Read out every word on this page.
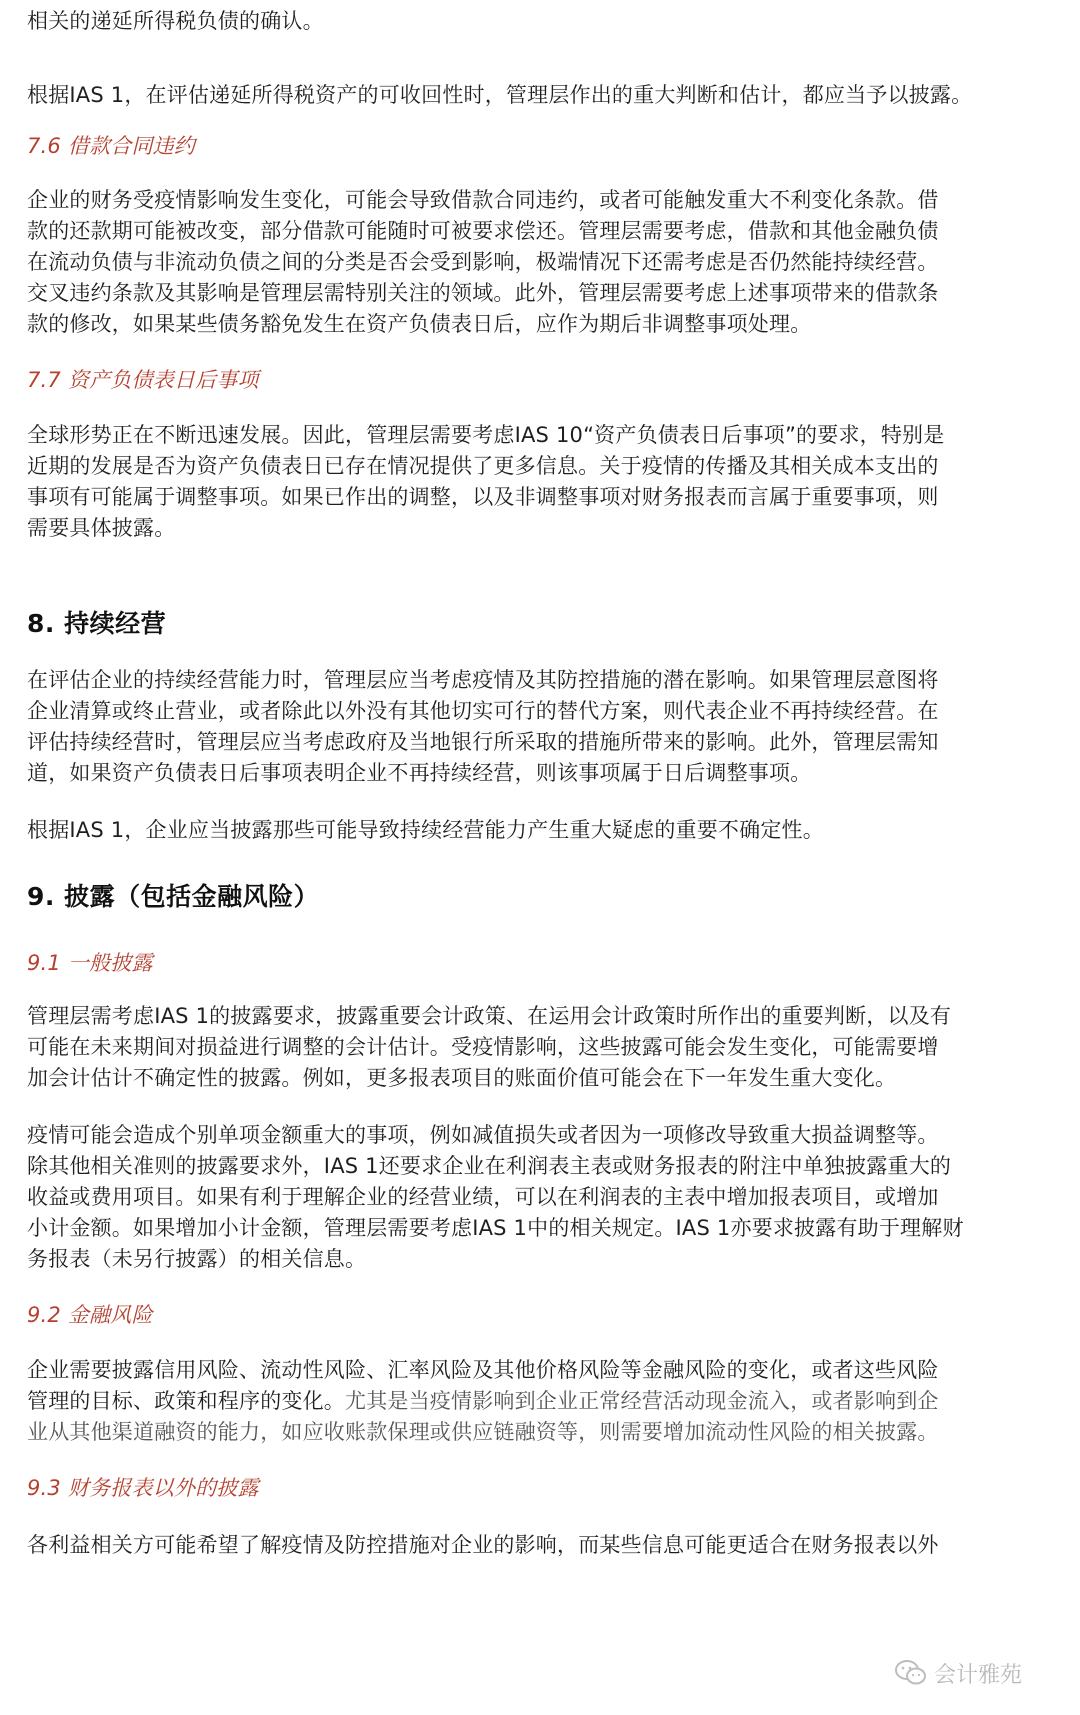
相关的递延所得税负债的确认。

根据IAS 1，在评估递延所得税资产的可收回性时，管理层作出的重大判断和估计，都应当予以披露。

7.6 借款合同违约

企业的财务受疫情影响发生变化，可能会导致借款合同违约，或者可能触发重大不利变化条款。借

款的还款期可能被改变，部分借款可能随时可被要求偿还。管理层需要考虑，借款和其他金融负债

在流动负债与非流动负债之间的分类是否会受到影响，极端情况下还需考虑是否仍然能持续经营。

交叉违约条款及其影响是管理层需特别关注的领域。此外，管理层需要考虑上述事项带来的借款条

款的修改，如果某些债务豁免发生在资产负债表日后，应作为期后非调整事项处理。

7.7 资产负债表日后事项

全球形势正在不断迅速发展。因此，管理层需要考虑IAS 10“资产负债表日后事项”的要求，特别是

近期的发展是否为资产负债表日已存在情况提供了更多信息。关于疫情的传播及其相关成本支出的

事项有可能属于调整事项。如果已作出的调整，以及非调整事项对财务报表而言属于重要事项，则

需要具体披露。

8. 持续经营

在评估企业的持续经营能力时，管理层应当考虑疫情及其防控措施的潜在影响。如果管理层意图将

企业清算或终止营业，或者除此以外没有其他切实可行的替代方案，则代表企业不再持续经营。在

评估持续经营时，管理层应当考虑政府及当地银行所采取的措施所带来的影响。此外，管理层需知

道，如果资产负债表日后事项表明企业不再持续经营，则该事项属于日后调整事项。

根据IAS 1，企业应当披露那些可能导致持续经营能力产生重大疑虑的重要不确定性。

9. 披露（包括金融风险）

9.1 一般披露

管理层需考虑IAS 1的披露要求，披露重要会计政策、在运用会计政策时所作出的重要判断，以及有

可能在未来期间对损益进行调整的会计估计。受疫情影响，这些披露可能会发生变化，可能需要增

加会计估计不确定性的披露。例如，更多报表项目的账面价值可能会在下一年发生重大变化。

疫情可能会造成个别单项金额重大的事项，例如减值损失或者因为一项修改导致重大损益调整等。

除其他相关准则的披露要求外，IAS 1还要求企业在利润表主表或财务报表的附注中单独披露重大的

收益或费用项目。如果有利于理解企业的经营业绩，可以在利润表的主表中增加报表项目，或增加

小计金额。如果增加小计金额，管理层需要考虑IAS 1中的相关规定。IAS 1亦要求披露有助于理解财

务报表（未另行披露）的相关信息。

9.2 金融风险

企业需要披露信用风险、流动性风险、汇率风险及其他价格风险等金融风险的变化，或者这些风险

管理的目标、政策和程序的变化。尤其是当疫情影响到企业正常经营活动现金流入，或者影响到企

业从其他渠道融资的能力，如应收账款保理或供应链融资等，则需要增加流动性风险的相关披露。

9.3 财务报表以外的披露

各利益相关方可能希望了解疫情及防控措施对企业的影响，而某些信息可能更适合在财务报表以外

会计雅苑
